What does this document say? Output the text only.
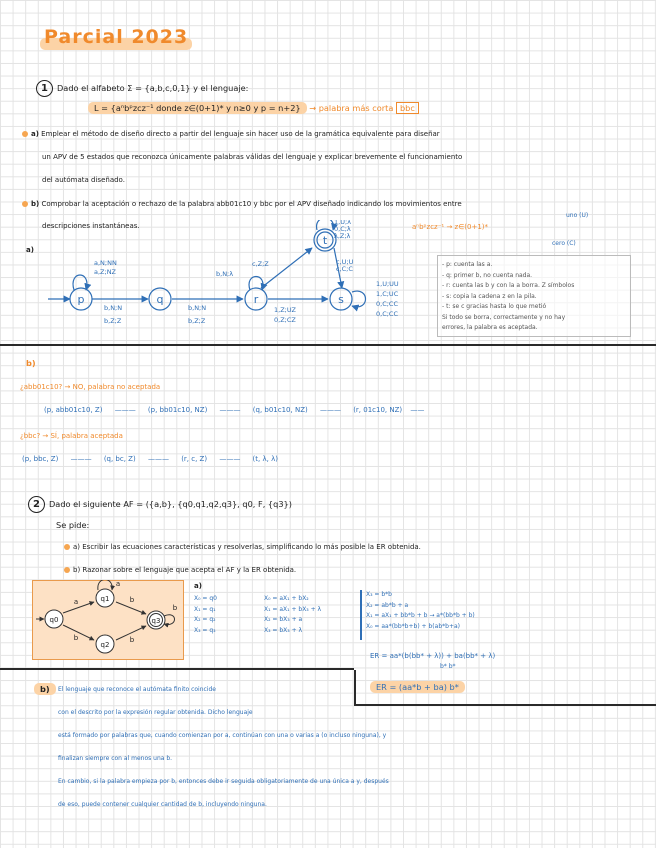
Parcial 2023
1 Dado el alfabeto Σ = {a,b,c,0,1} y el lenguaje:
L = {aⁿbᵖzcz⁻¹ donde z∈(0+1)* y n≥0 y p = n+2} → palabra más corta bbc
a) Emplear el método de diseño directo a partir del lenguaje sin hacer uso de la gramática equivalente para diseñar
un APV de 5 estados que reconozca únicamente palabras válidas del lenguaje y explicar brevemente el funcionamiento
del autómata diseñado.
b) Comprobar la aceptación o rechazo de la palabra abb01c10 y bbc por el APV diseñado indicando los movimientos entre
descripciones instantáneas.
a)
aⁿbᵖzcz⁻¹ → z∈(0+1)*
uno (U)
cero (C)
p	q	r
t
s
a,N;NN
a,Z;NZ
b,N;N
b,Z;Z
b,N;N
b,Z;Z
b,N;λ
c,Z;Z
1,U;λ
0,C;λ
λ,Z;λ
c,U;U
c,C;C
1,Z;UZ
0,Z;CZ
1,U;UU
1,C;UC
0,C;CC
0,C;CC
- p: cuenta las a.
- q: primer b, no cuenta nada.
- r: cuenta las b y con la a borra. Z símbolos
- s: copia la cadena z en la pila.
- t: se c gracias hasta lo que metió
Si todo se borra, correctamente y no hay
errores, la palabra es aceptada.
b)
¿abb01c10? → NO, palabra no aceptada
(p, abb01c10, Z) ——— (p, bb01c10, NZ) ——— (q, b01c10, NZ) ——— (r, 01c10, NZ) ——
¿bbc? → SÍ, palabra aceptada
(p, bbc, Z) ——— (q, bc, Z) ——— (r, c, Z) ——— (t, λ, λ)
2 Dado el siguiente AF = ({a,b}, {q0,q1,q2,q3}, q0, F, {q3})
Se pide:
a) Escribir las ecuaciones características y resolverlas, simplificando lo más posible la ER obtenida.
b) Razonar sobre el lenguaje que acepta el AF y la ER obtenida.
a)
q0
q1
q2
q3
a
b
a
b
b
b
X₀ = q0
X₁ = q₁
X₂ = q₂
X₃ = q₃
X₀ = aX₁ + bX₂
X₁ = aX₁ + bX₃ + λ
X₂ = bX₃ + a
X₃ = bX₃ + λ
X₃ = b*b
X₂ = ab*b + a
X₁ = aX₁ + bb*b + b → a*(bb*b + b)
X₀ = aa*(bb*b+b) + b(ab*b+a)
ER = aa*(b(bb* + λ)) + ba(bb* + λ)
b* b*
ER = (aa*b + ba) b*
b)	El lenguaje que reconoce el autómata finito coincide
con el descrito por la expresión regular obtenida. Dicho lenguaje
está formado por palabras que, cuando comienzan por a, continúan con una o varias a (o incluso ninguna), y
finalizan siempre con al menos una b.
En cambio, si la palabra empieza por b, entonces debe ir seguida obligatoriamente de una única a y, después
de eso, puede contener cualquier cantidad de b, incluyendo ninguna.
